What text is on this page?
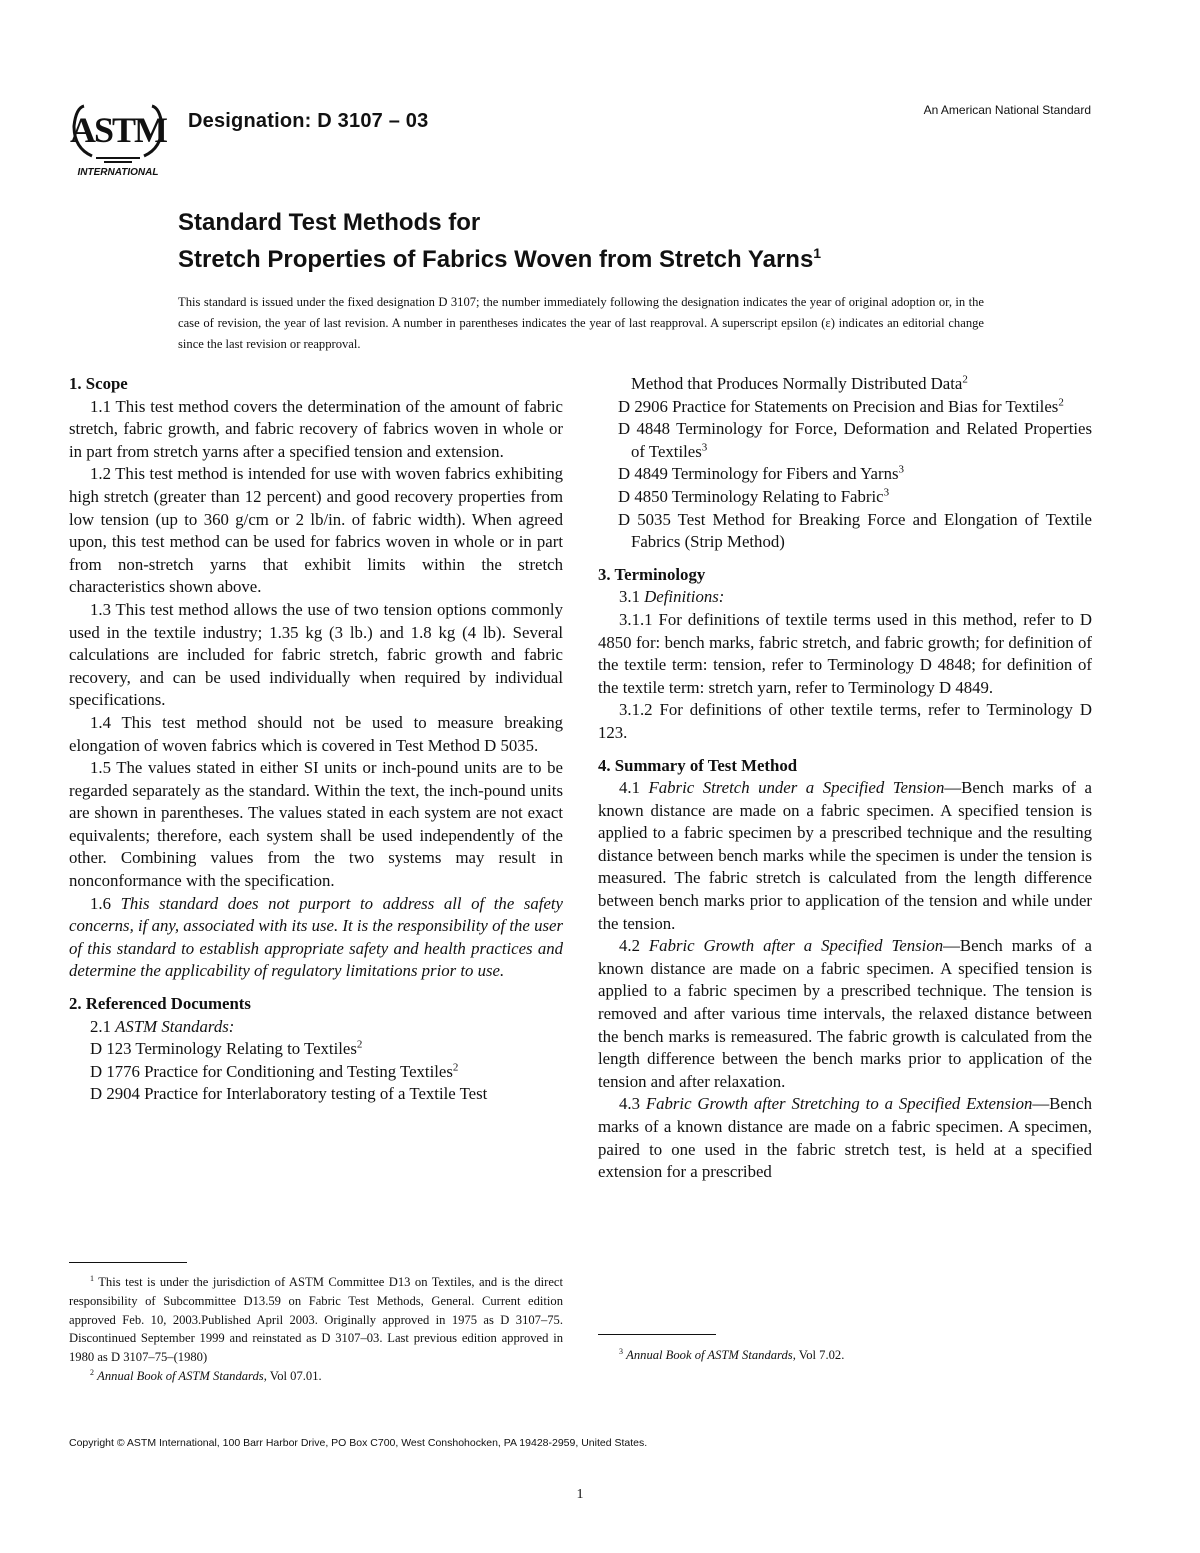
ASTM
INTERNATIONAL
Designation: D 3107 – 03	An American National Standard
Standard Test Methods for
Stretch Properties of Fabrics Woven from Stretch Yarns$^1$
This standard is issued under the fixed designation D 3107; the number immediately following the designation indicates the year of original adoption or, in the case of revision, the year of last revision. A number in parentheses indicates the year of last reapproval. A superscript epsilon (ε) indicates an editorial change since the last revision or reapproval.
1. Scope

1.1 This test method covers the determination of the amount of fabric stretch, fabric growth, and fabric recovery of fabrics woven in whole or in part from stretch yarns after a specified tension and extension.

1.2 This test method is intended for use with woven fabrics exhibiting high stretch (greater than 12 percent) and good recovery properties from low tension (up to 360 g/cm or 2 lb/in. of fabric width). When agreed upon, this test method can be used for fabrics woven in whole or in part from non-stretch yarns that exhibit limits within the stretch characteristics shown above.

1.3 This test method allows the use of two tension options commonly used in the textile industry; 1.35 kg (3 lb.) and 1.8 kg (4 lb). Several calculations are included for fabric stretch, fabric growth and fabric recovery, and can be used individually when required by individual specifications.

1.4 This test method should not be used to measure breaking elongation of woven fabrics which is covered in Test Method D 5035.

1.5 The values stated in either SI units or inch-pound units are to be regarded separately as the standard. Within the text, the inch-pound units are shown in parentheses. The values stated in each system are not exact equivalents; therefore, each system shall be used independently of the other. Combining values from the two systems may result in nonconformance with the specification.

1.6 This standard does not purport to address all of the safety concerns, if any, associated with its use. It is the responsibility of the user of this standard to establish appropriate safety and health practices and determine the applicability of regulatory limitations prior to use.

2. Referenced Documents

2.1 ASTM Standards:

D 123 Terminology Relating to Textiles$^2$

D 1776 Practice for Conditioning and Testing Textiles$^2$

D 2904 Practice for Interlaboratory testing of a Textile Test

Method that Produces Normally Distributed Data$^2$

D 2906 Practice for Statements on Precision and Bias for Textiles$^2$

D 4848 Terminology for Force, Deformation and Related Properties of Textiles$^3$

D 4849 Terminology for Fibers and Yarns$^3$

D 4850 Terminology Relating to Fabric$^3$

D 5035 Test Method for Breaking Force and Elongation of Textile Fabrics (Strip Method)

3. Terminology

3.1 Definitions:

3.1.1 For definitions of textile terms used in this method, refer to D 4850 for: bench marks, fabric stretch, and fabric growth; for definition of the textile term: tension, refer to Terminology D 4848; for definition of the textile term: stretch yarn, refer to Terminology D 4849.

3.1.2 For definitions of other textile terms, refer to Terminology D 123.

4. Summary of Test Method

4.1 Fabric Stretch under a Specified Tension—Bench marks of a known distance are made on a fabric specimen. A specified tension is applied to a fabric specimen by a prescribed technique and the resulting distance between bench marks while the specimen is under the tension is measured. The fabric stretch is calculated from the length difference between bench marks prior to application of the tension and while under the tension.

4.2 Fabric Growth after a Specified Tension—Bench marks of a known distance are made on a fabric specimen. A specified tension is applied to a fabric specimen by a prescribed technique. The tension is removed and after various time intervals, the relaxed distance between the bench marks is remeasured. The fabric growth is calculated from the length difference between the bench marks prior to application of the tension and after relaxation.

4.3 Fabric Growth after Stretching to a Specified Extension—Bench marks of a known distance are made on a fabric specimen. A specimen, paired to one used in the fabric stretch test, is held at a specified extension for a prescribed

$^1$ This test is under the jurisdiction of ASTM Committee D13 on Textiles, and is the direct responsibility of Subcommittee D13.59 on Fabric Test Methods, General. Current edition approved Feb. 10, 2003.Published April 2003. Originally approved in 1975 as D 3107–75. Discontinued September 1999 and reinstated as D 3107–03. Last previous edition approved in 1980 as D 3107–75–(1980)
$^2$ Annual Book of ASTM Standards, Vol 07.01.
$^3$ Annual Book of ASTM Standards, Vol 7.02.
Copyright © ASTM International, 100 Barr Harbor Drive, PO Box C700, West Conshohocken, PA 19428-2959, United States.
1
